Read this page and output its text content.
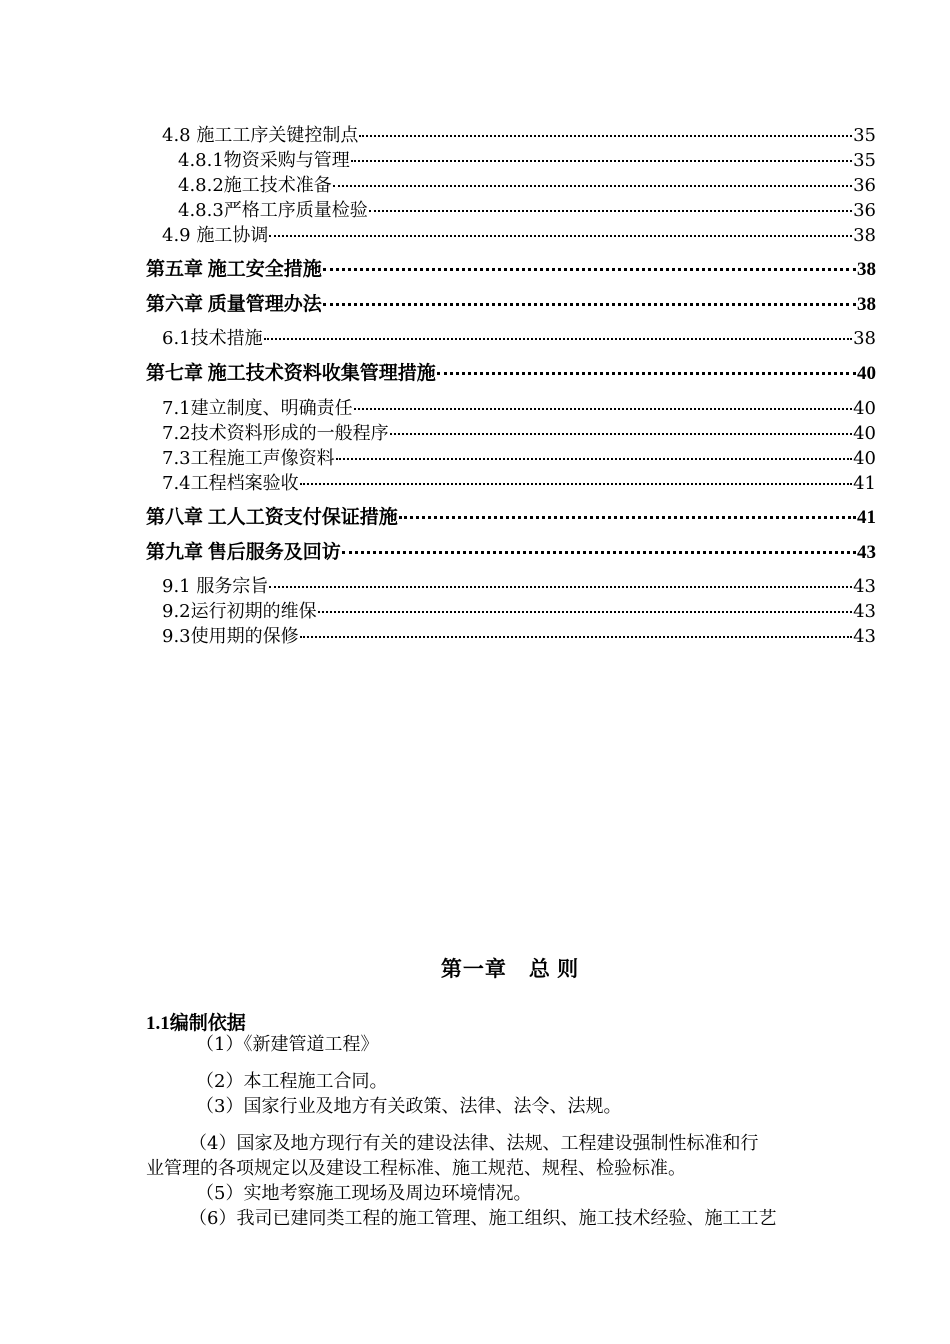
4.8 施工工序关键控制点	35
4.8.1物资采购与管理	35
4.8.2施工技术准备	36
4.8.3严格工序质量检验	36
4.9 施工协调	38
第五章 施工安全措施	38
第六章 质量管理办法	38
6.1技术措施	38
第七章 施工技术资料收集管理措施	40
7.1建立制度、明确责任	40
7.2技术资料形成的一般程序	40
7.3工程施工声像资料	40
7.4工程档案验收	41
第八章 工人工资支付保证措施	41
第九章 售后服务及回访	43
9.1 服务宗旨	43
9.2运行初期的维保	43
9.3使用期的保修	43
第一章　总 则
1.1编制依据
（1）《新建管道工程》
（2）本工程施工合同。
（3）国家行业及地方有关政策、法律、法令、法规。
（4）国家及地方现行有关的建设法律、法规、工程建设强制性标准和行
业管理的各项规定以及建设工程标准、施工规范、规程、检验标准。
（5）实地考察施工现场及周边环境情况。
（6）我司已建同类工程的施工管理、施工组织、施工技术经验、施工工艺
